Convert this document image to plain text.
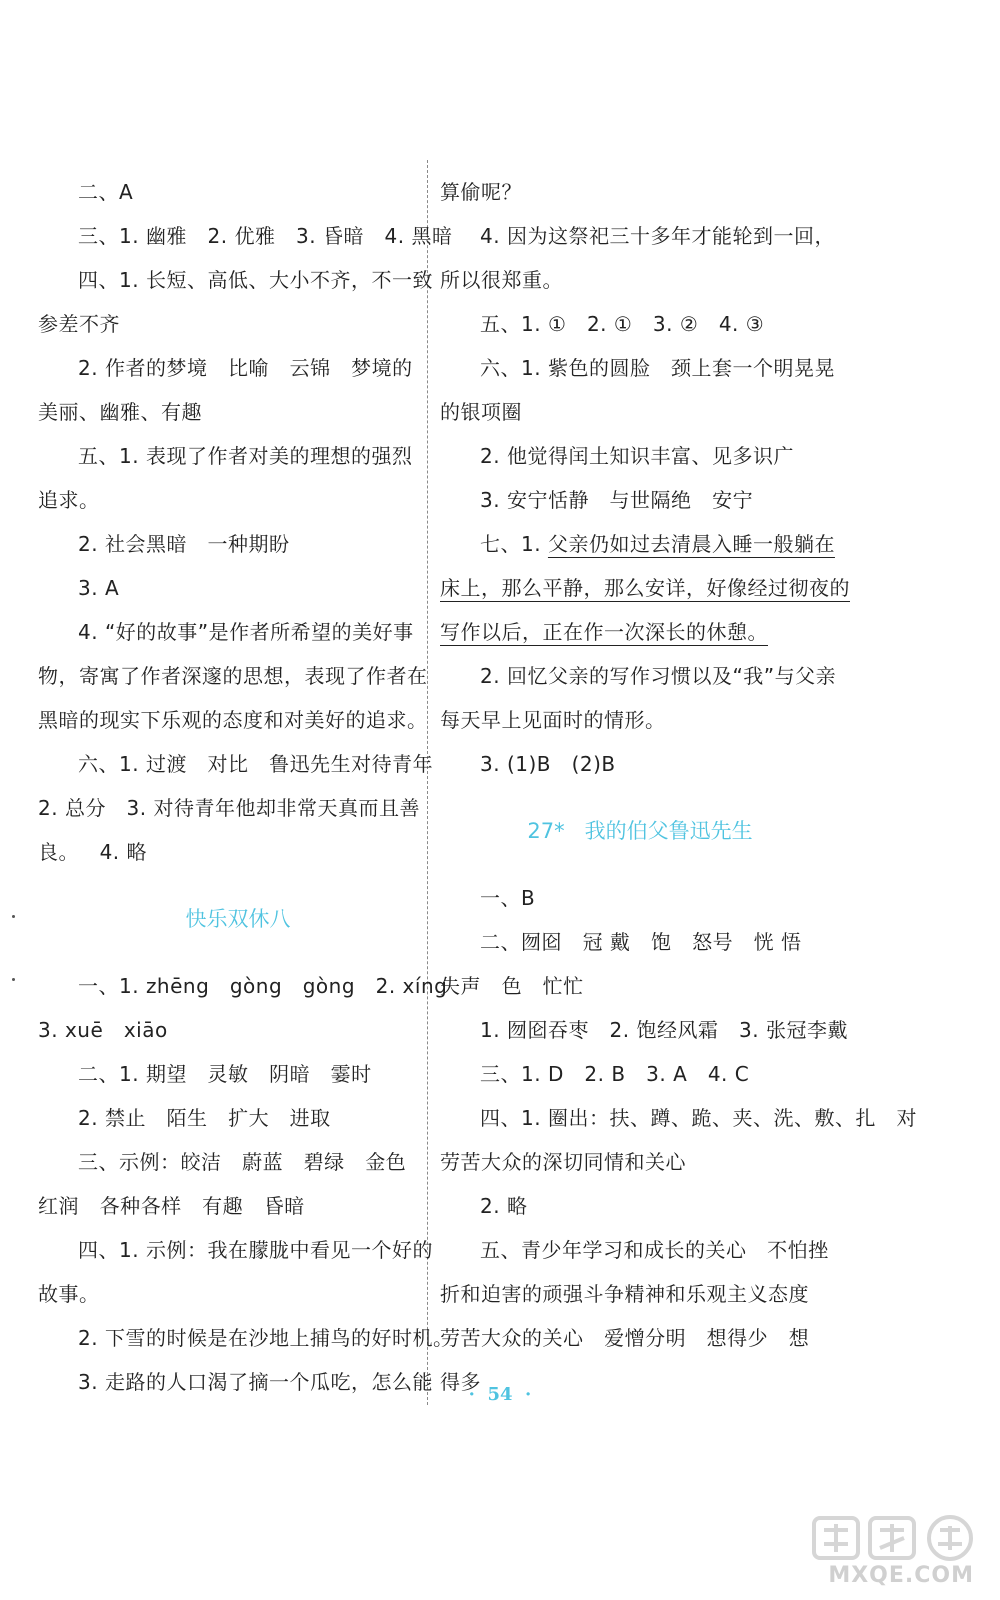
二、A
三、1. 幽雅   2. 优雅   3. 昏暗   4. 黑暗
四、1. 长短、高低、大小不齐，不一致
参差不齐
2. 作者的梦境   比喻   云锦   梦境的
美丽、幽雅、有趣
五、1. 表现了作者对美的理想的强烈
追求。
2. 社会黑暗   一种期盼
3. A
4. “好的故事”是作者所希望的美好事
物，寄寓了作者深邃的思想，表现了作者在
黑暗的现实下乐观的态度和对美好的追求。
六、1. 过渡   对比   鲁迅先生对待青年
2. 总分   3. 对待青年他却非常天真而且善
良。   4. 略
快乐双休八
一、1. zhēng   gòng   gòng   2. xíng
3. xuē   xiāo
二、1. 期望   灵敏   阴暗   霎时
2. 禁止   陌生   扩大   进取
三、示例：皎洁   蔚蓝   碧绿   金色
红润   各种各样   有趣   昏暗
四、1. 示例：我在朦胧中看见一个好的
故事。
2. 下雪的时候是在沙地上捕鸟的好时机。
3. 走路的人口渴了摘一个瓜吃，怎么能
算偷呢？
4. 因为这祭祀三十多年才能轮到一回，
所以很郑重。
五、1. ①   2. ①   3. ②   4. ③
六、1. 紫色的圆脸   颈上套一个明晃晃
的银项圈
2. 他觉得闰土知识丰富、见多识广
3. 安宁恬静   与世隔绝   安宁
七、1. 父亲仍如过去清晨入睡一般躺在
床上，那么平静，那么安详，好像经过彻夜的
写作以后，正在作一次深长的休憩。
2. 回忆父亲的写作习惯以及“我”与父亲
每天早上见面时的情形。
3. (1)B   (2)B
27*   我的伯父鲁迅先生
一、B
二、囫囵   冠 戴   饱   怒号   恍 悟
失声   色   忙忙
1. 囫囵吞枣   2. 饱经风霜   3. 张冠李戴
三、1. D   2. B   3. A   4. C
四、1. 圈出：扶、蹲、跪、夹、洗、敷、扎   对
劳苦大众的深切同情和关心
2. 略
五、青少年学习和成长的关心   不怕挫
折和迫害的顽强斗争精神和乐观主义态度
劳苦大众的关心   爱憎分明   想得少   想
得多
·  54  ·
MXQE.COM
